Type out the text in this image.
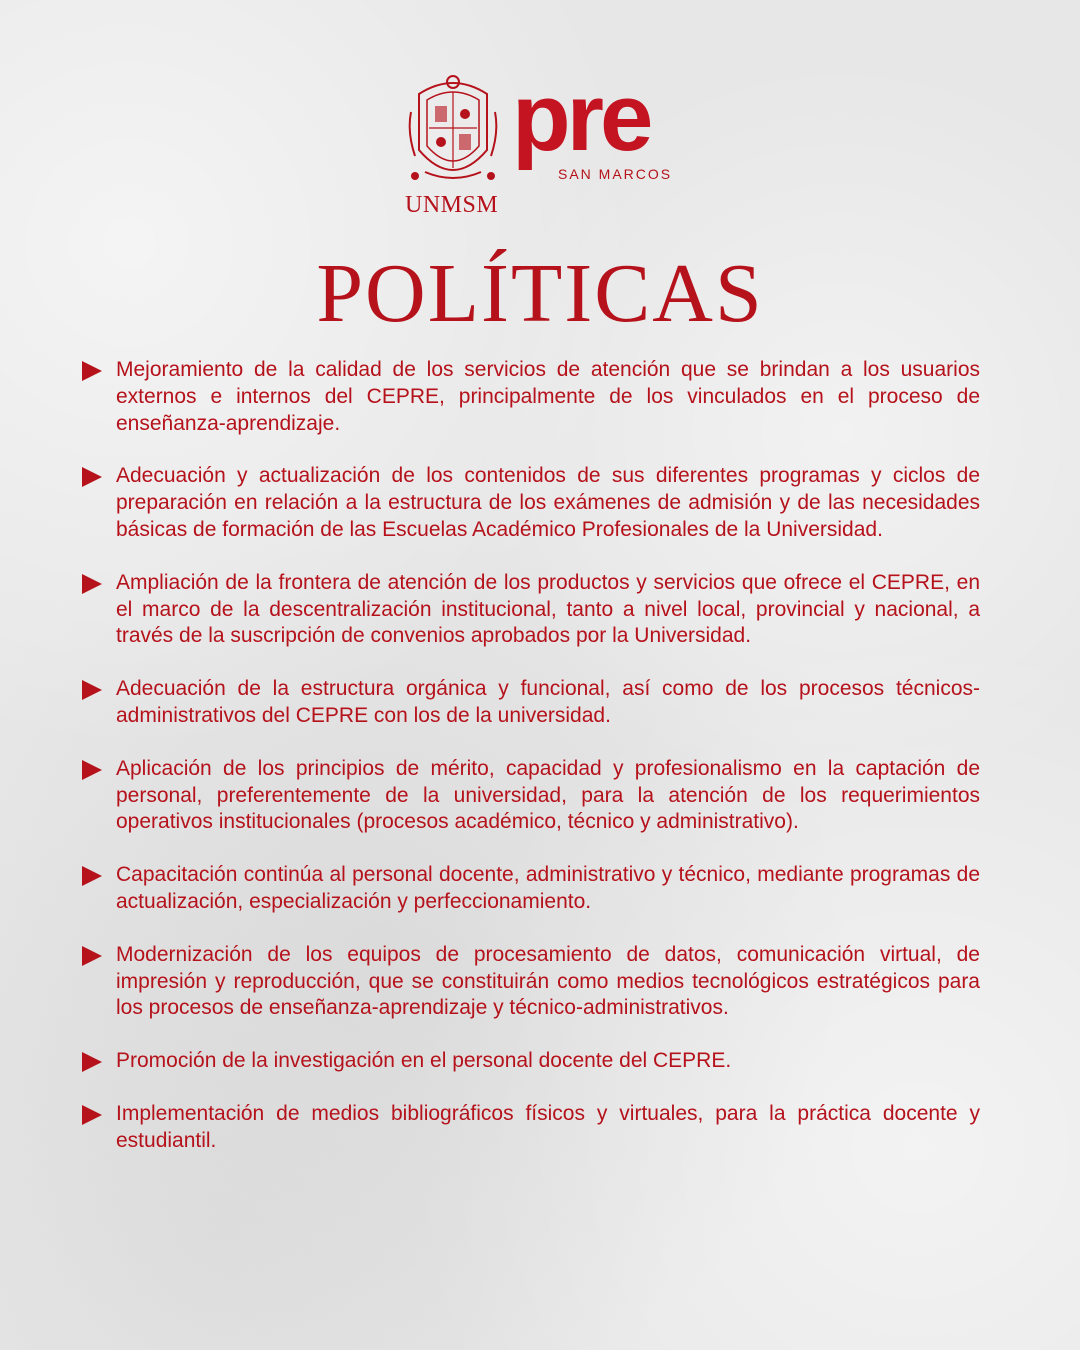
UNMSM
pre
SAN MARCOS
POLÍTICAS
Mejoramiento de la calidad de los servicios de atención que se brindan a los usuarios externos e internos del CEPRE, principalmente de los vinculados en el proceso de enseñanza-aprendizaje.
Adecuación y actualización de los contenidos de sus diferentes programas y ciclos de preparación en relación a la estructura de los exámenes de admisión y de las necesidades básicas de formación de las Escuelas Académico Profesionales de la Universidad.
Ampliación de la frontera de atención de los productos y servicios que ofrece el CEPRE, en el marco de la descentralización institucional, tanto a nivel local, provincial y nacional, a través de la suscripción de convenios aprobados por la Universidad.
Adecuación de la estructura orgánica y funcional, así como de los procesos técnicos-administrativos del CEPRE con los de la universidad.
Aplicación de los principios de mérito, capacidad y profesionalismo en la captación de personal, preferentemente de la universidad, para la atención de los requerimientos operativos institucionales (procesos académico, técnico y administrativo).
Capacitación continúa al personal docente, administrativo y técnico, mediante programas de actualización, especialización y perfeccionamiento.
Modernización de los equipos de procesamiento de datos, comunicación virtual, de impresión y reproducción, que se constituirán como medios tecnológicos estratégicos para los procesos de enseñanza-aprendizaje y técnico-administrativos.
Promoción de la investigación en el personal docente del CEPRE.
Implementación de medios bibliográficos físicos y virtuales, para la práctica docente y estudiantil.
